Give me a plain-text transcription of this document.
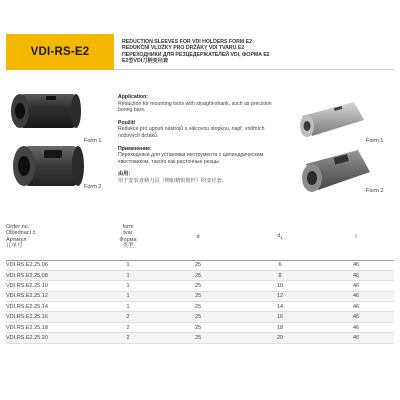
VDI-RS-E2
REDUCTION SLEEVES FOR VDI HOLDERS FORM E2
REDUKČNÍ VLOŽKY PRO DRŽÁKY VDI TVARU E2
ПЕРЕХОДНИКИ ДЛЯ РЕЗЦЕДЕРЖАТЕЛЕЙ VDI, ФОРМА E2
E2型VDI刀柄变径套
Form 1
Form 2
Application:
Reduction for mounting tools with straight-shank, such as precision boring bars.
Použití
Redukce pro upnutí nástrojů s válcovou stopkou, např. vnitřních nožových držáků.
Применение:
Переходники для установки инструмента с цилиндрическим хвостовиком, такого как расточные резцы.
由用：
用于安装直柄刀具（例如精密镗杆）的变径套。
Form 1
Form 2
Order no.
Objednací č.
Артикул
订单号	form
tvar
Форма
类型	d	$d_1$	l
VDI.RS.E2.25.06	1	25	6	46
VDI.RS.E2.25.08	1	25	8	46
VDI.RS.E2.25.10	1	25	10	46
VDI.RS.E2.25.12	1	25	12	46
VDI.RS.E2.25.14	1	25	14	46
VDI.RS.E2.25.16	2	25	16	46
VDI.RS.E2.25.18	2	25	18	46
VDI.RS.E2.25.20	2	25	20	46
